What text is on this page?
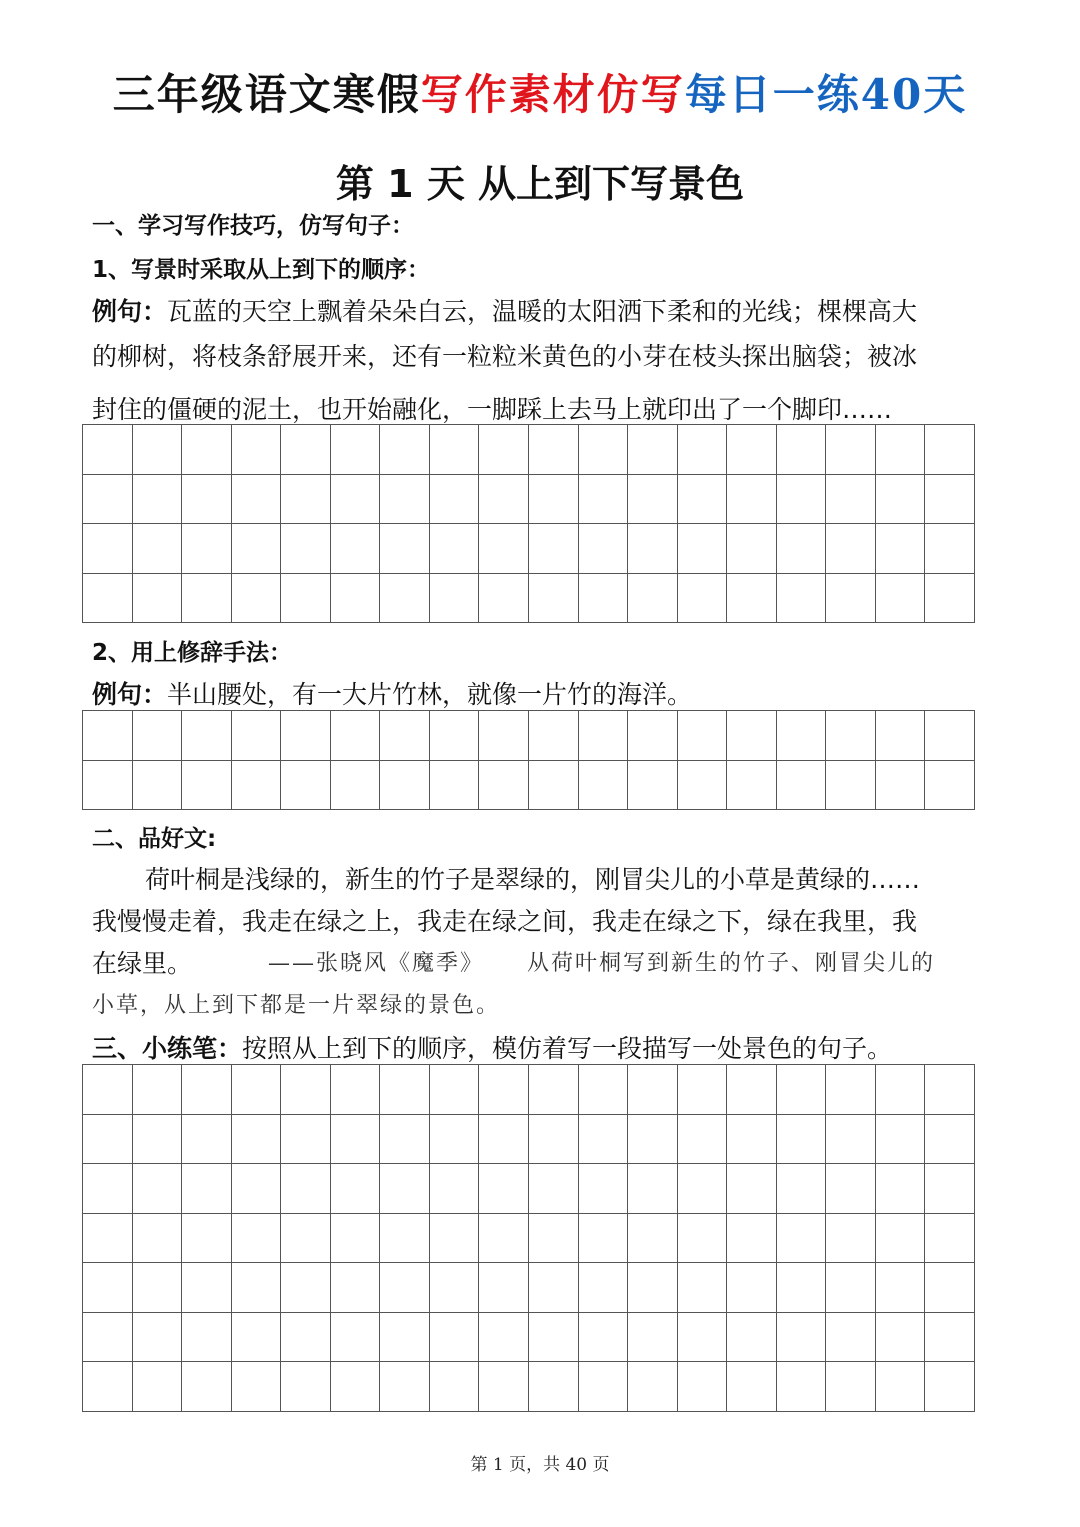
三年级语文寒假写作素材仿写每日一练40天
第 1 天 从上到下写景色
一、学习写作技巧，仿写句子：
1、写景时采取从上到下的顺序：
例句：瓦蓝的天空上飘着朵朵白云，温暖的太阳洒下柔和的光线；棵棵高大
的柳树，将枝条舒展开来，还有一粒粒米黄色的小芽在枝头探出脑袋；被冰
封住的僵硬的泥土，也开始融化，一脚踩上去马上就印出了一个脚印……
2、用上修辞手法：
例句：半山腰处，有一大片竹林，就像一片竹的海洋。
二、品好文:
荷叶桐是浅绿的，新生的竹子是翠绿的，刚冒尖儿的小草是黄绿的……
我慢慢走着，我走在绿之上，我走在绿之间，我走在绿之下，绿在我里，我
在绿里。	——张晓风《魔季》 从荷叶桐写到新生的竹子、刚冒尖儿的
小草，从上到下都是一片翠绿的景色。
三、小练笔：按照从上到下的顺序，模仿着写一段描写一处景色的句子。
第 1 页，共 40 页
